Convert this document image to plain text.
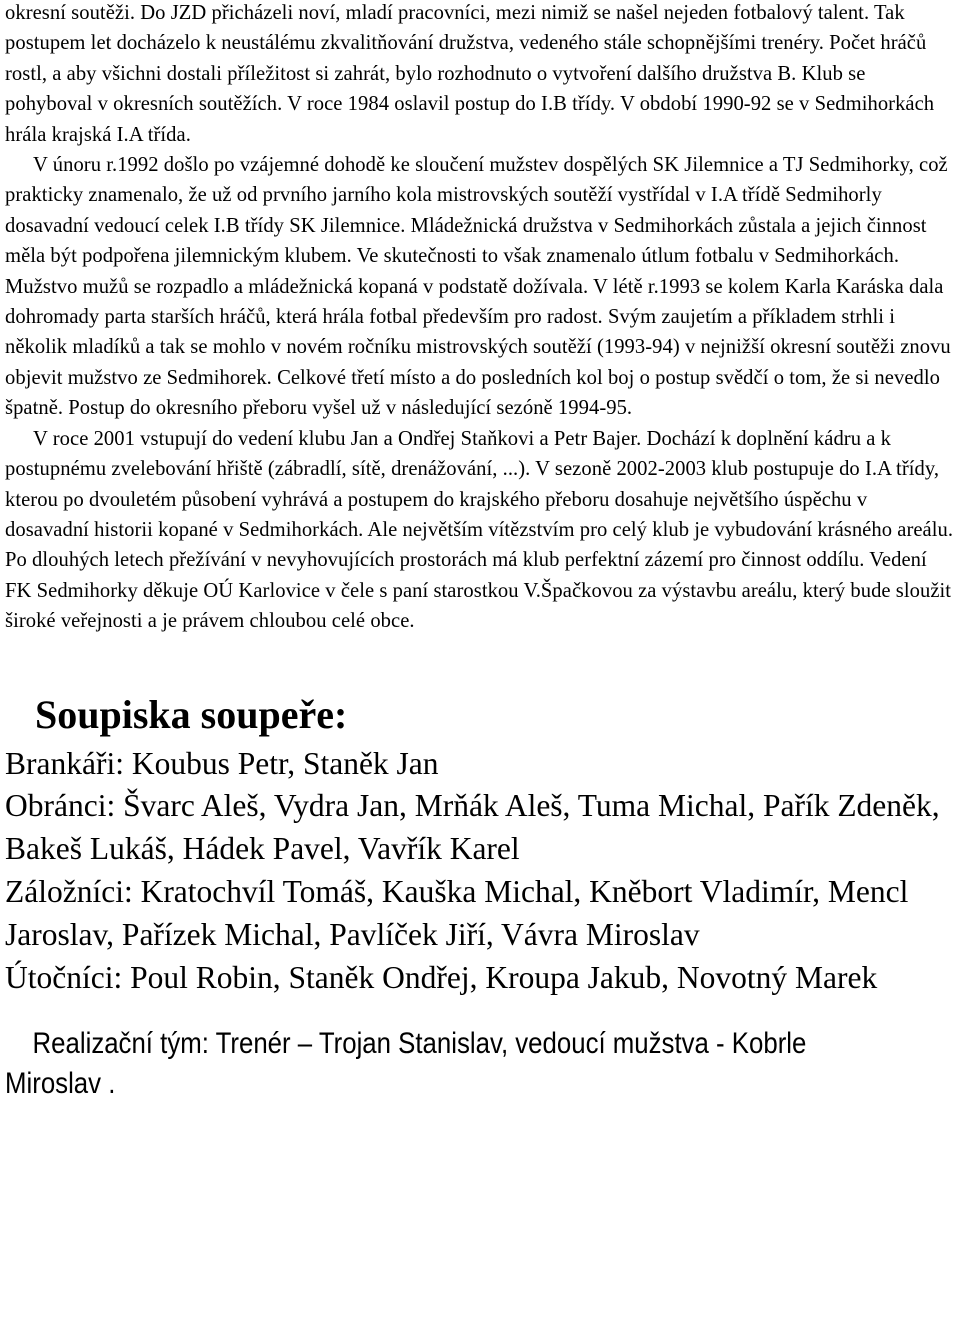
okresní soutěži. Do JZD přicházeli noví, mladí pracovníci, mezi nimiž se našel nejeden fotbalový talent. Tak postupem let docházelo k neustálému zkvalitňování družstva, vedeného stále schopnějšími trenéry. Počet hráčů rostl, a aby všichni dostali příležitost si zahrát, bylo rozhodnuto o vytvoření dalšího družstva B. Klub se pohyboval v okresních soutěžích. V roce 1984 oslavil postup do I.B třídy. V období 1990-92 se v Sedmihorkách hrála krajská I.A třída.

V únoru r.1992 došlo po vzájemné dohodě ke sloučení mužstev dospělých SK Jilemnice a TJ Sedmihorky, což prakticky znamenalo, že už od prvního jarního kola mistrovských soutěží vystřídal v I.A třídě Sedmihorly dosavadní vedoucí celek I.B třídy SK Jilemnice. Mládežnická družstva v Sedmihorkách zůstala a jejich činnost měla být podpořena jilemnickým klubem. Ve skutečnosti to však znamenalo útlum fotbalu v Sedmihorkách. Mužstvo mužů se rozpadlo a mládežnická kopaná v podstatě dožívala. V létě r.1993 se kolem Karla Karáska dala dohromady parta starších hráčů, která hrála fotbal především pro radost. Svým zaujetím a příkladem strhli i několik mladíků a tak se mohlo v novém ročníku mistrovských soutěží (1993-94) v nejnižší okresní soutěži znovu objevit mužstvo ze Sedmihorek. Celkové třetí místo a do posledních kol boj o postup svědčí o tom, že si nevedlo špatně. Postup do okresního přeboru vyšel už v následující sezóně 1994-95.

V roce 2001 vstupují do vedení klubu Jan a Ondřej Staňkovi a Petr Bajer. Dochází k doplnění kádru a k postupnému zvelebování hřiště (zábradlí, sítě, drenážování, ...). V sezoně 2002-2003 klub postupuje do I.A třídy, kterou po dvouletém působení vyhrává a postupem do krajského přeboru dosahuje největšího úspěchu v dosavadní historii kopané v Sedmihorkách. Ale největším vítězstvím pro celý klub je vybudování krásného areálu. Po dlouhých letech přežívání v nevyhovujících prostorách má klub perfektní zázemí pro činnost oddílu. Vedení FK Sedmihorky děkuje OÚ Karlovice v čele s paní starostkou V.Špačkovou za výstavbu areálu, který bude sloužit široké veřejnosti a je právem chloubou celé obce.

Soupiska soupeře:

Brankáři: Koubus Petr, Staněk Jan

Obránci: Švarc Aleš, Vydra Jan, Mrňák Aleš, Tuma Michal, Pařík Zdeněk, Bakeš Lukáš, Hádek Pavel, Vavřík Karel

Záložníci: Kratochvíl Tomáš, Kauška Michal, Kněbort Vladimír, Mencl Jaroslav, Pařízek Michal, Pavlíček Jiří, Vávra Miroslav

Útočníci: Poul Robin, Staněk Ondřej, Kroupa Jakub, Novotný Marek

Realizační tým: Trenér – Trojan Stanislav, vedoucí mužstva - Kobrle

Miroslav .
